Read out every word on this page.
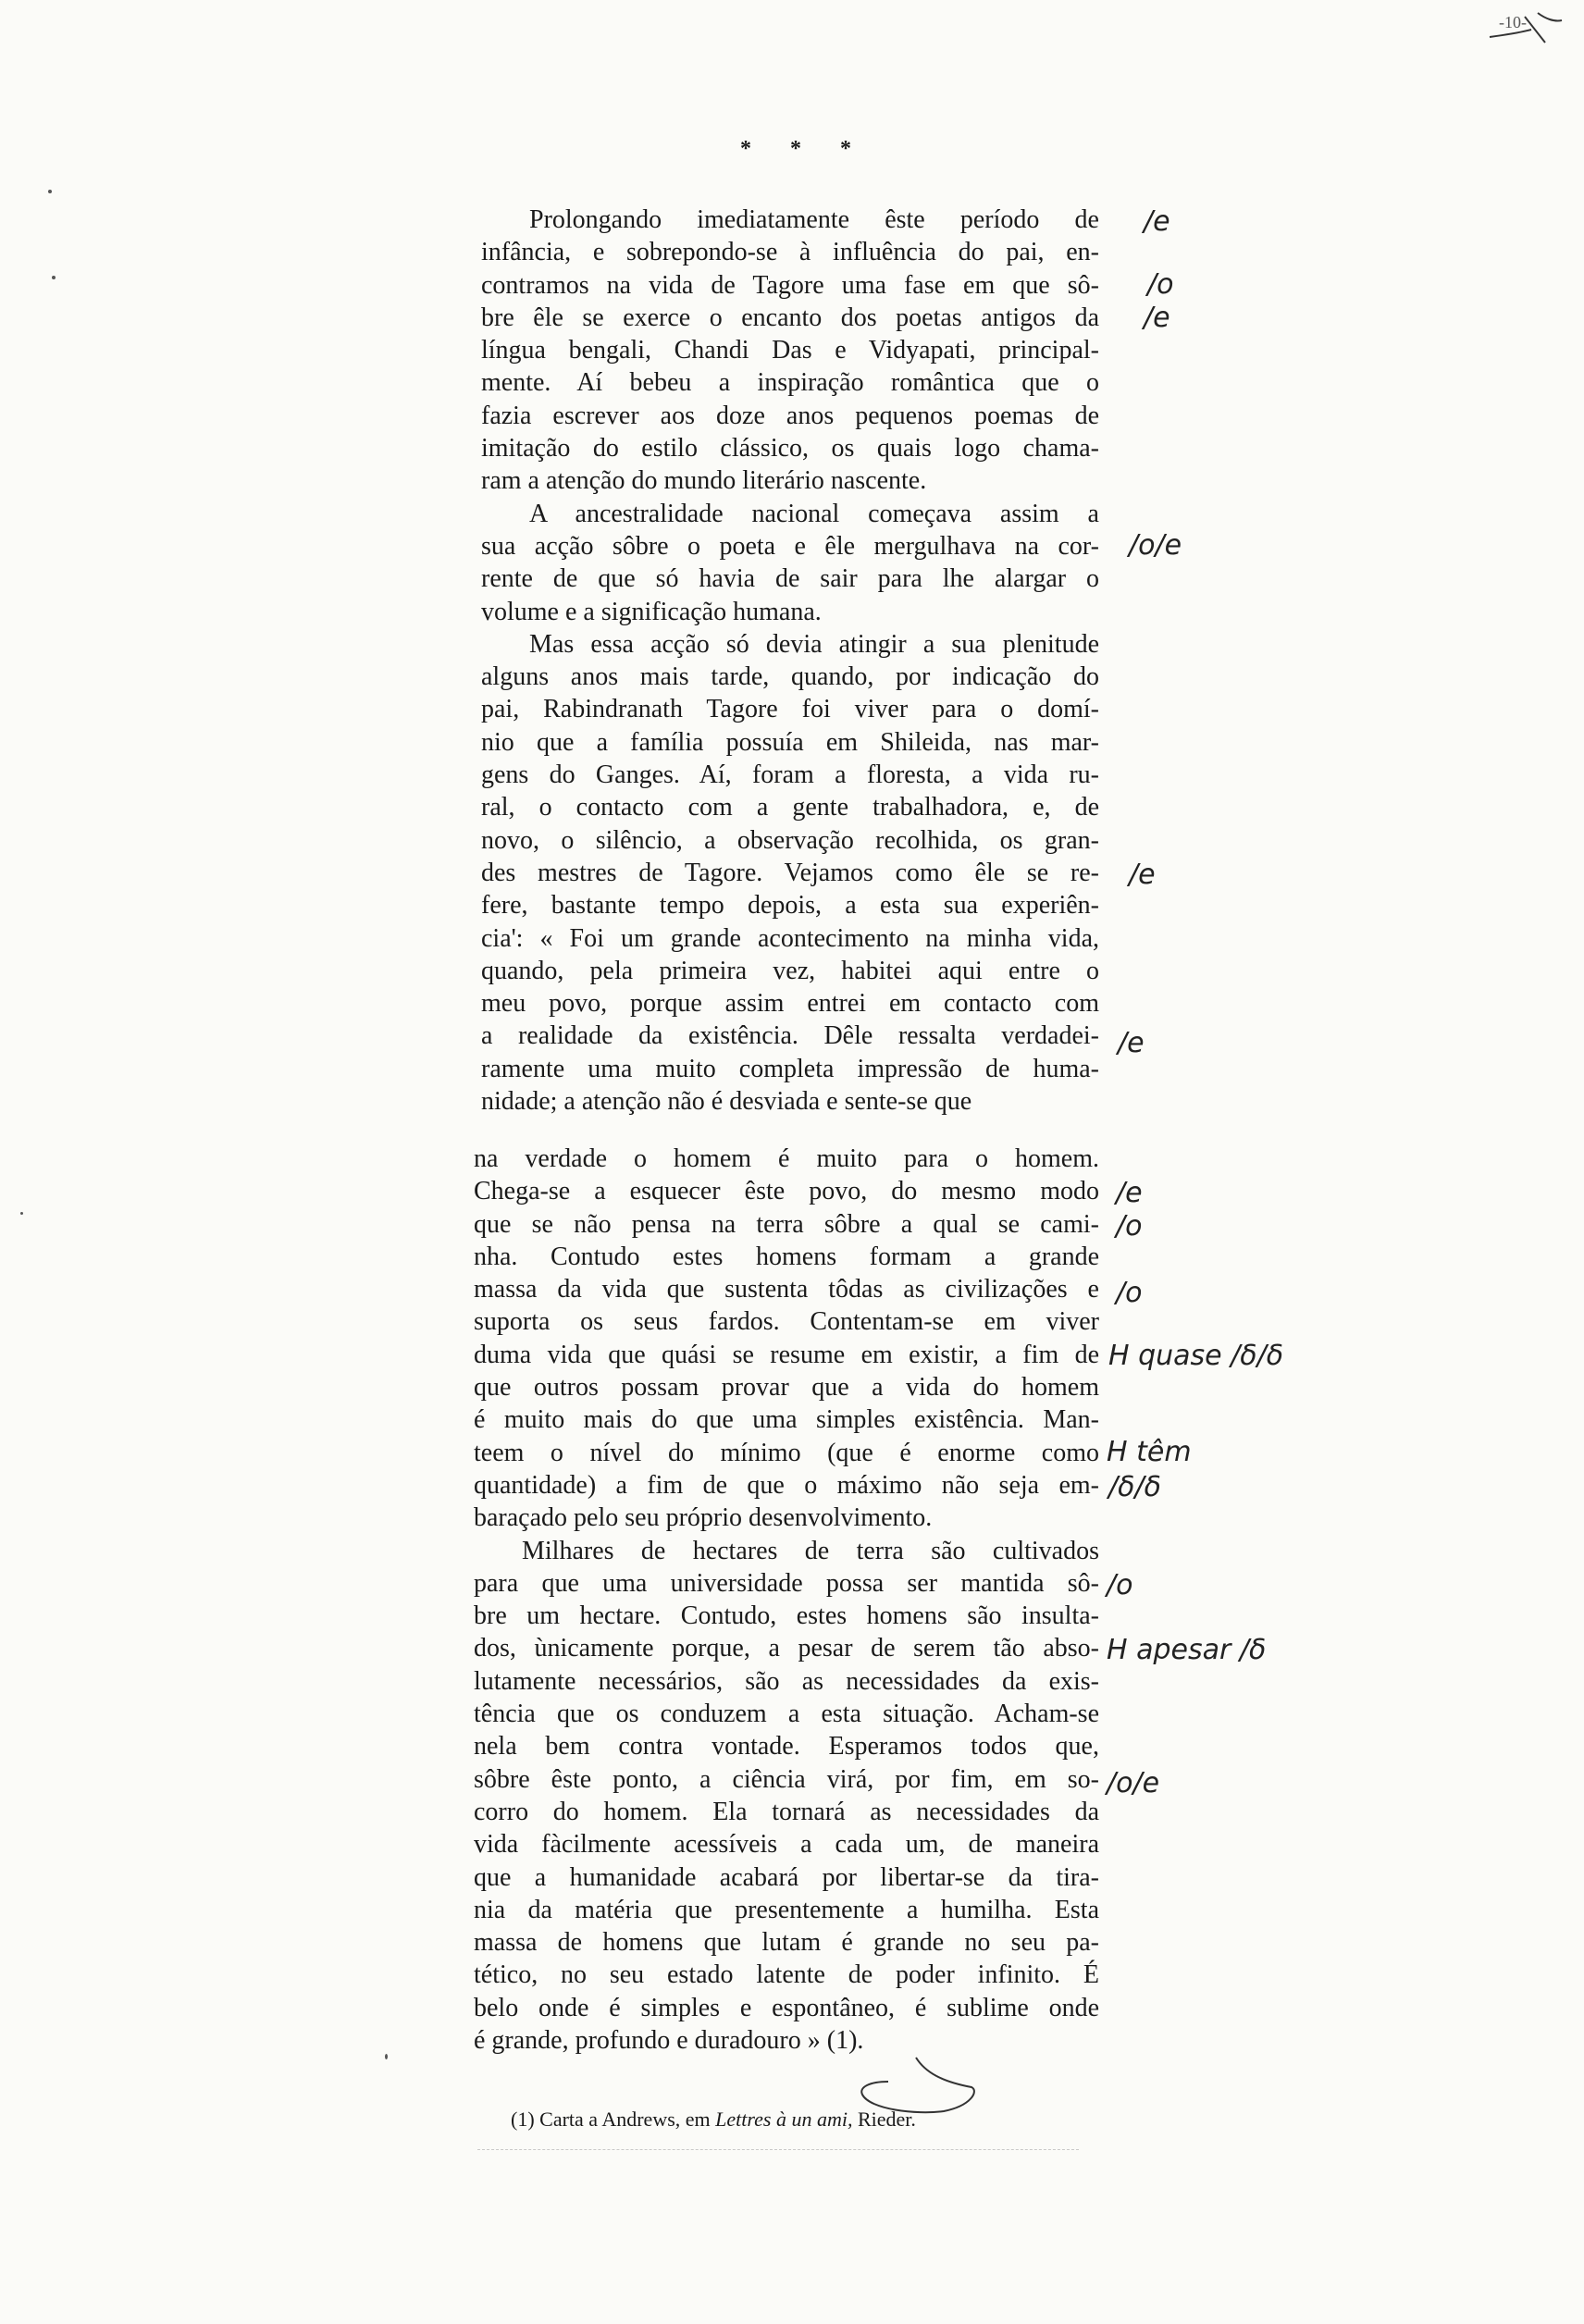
-10-
* * *
Prolongando imediatamente êste período de
infância, e sobrepondo-se à influência do pai, en-
contramos na vida de Tagore uma fase em que sô-
bre êle se exerce o encanto dos poetas antigos da
língua bengali, Chandi Das e Vidyapati, principal-
mente. Aí bebeu a inspiração romântica que o
fazia escrever aos doze anos pequenos poemas de
imitação do estilo clássico, os quais logo chama-
ram a atenção do mundo literário nascente.
A ancestralidade nacional começava assim a
sua acção sôbre o poeta e êle mergulhava na cor-
rente de que só havia de sair para lhe alargar o
volume e a significação humana.
Mas essa acção só devia atingir a sua plenitude
alguns anos mais tarde, quando, por indicação do
pai, Rabindranath Tagore foi viver para o domí-
nio que a família possuía em Shileida, nas mar-
gens do Ganges. Aí, foram a floresta, a vida ru-
ral, o contacto com a gente trabalhadora, e, de
novo, o silêncio, a observação recolhida, os gran-
des mestres de Tagore. Vejamos como êle se re-
fere, bastante tempo depois, a esta sua experiên-
cia': « Foi um grande acontecimento na minha vida,
quando, pela primeira vez, habitei aqui entre o
meu povo, porque assim entrei em contacto com
a realidade da existência. Dêle ressalta verdadei-
ramente uma muito completa impressão de huma-
nidade; a atenção não é desviada e sente-se que
na verdade o homem é muito para o homem.
Chega-se a esquecer êste povo, do mesmo modo
que se não pensa na terra sôbre a qual se cami-
nha. Contudo estes homens formam a grande
massa da vida que sustenta tôdas as civilizações e
suporta os seus fardos. Contentam-se em viver
duma vida que quási se resume em existir, a fim de
que outros possam provar que a vida do homem
é muito mais do que uma simples existência. Man-
teem o nível do mínimo (que é enorme como
quantidade) a fim de que o máximo não seja em-
baraçado pelo seu próprio desenvolvimento.
Milhares de hectares de terra são cultivados
para que uma universidade possa ser mantida sô-
bre um hectare. Contudo, estes homens são insulta-
dos, ùnicamente porque, a pesar de serem tão abso-
lutamente necessários, são as necessidades da exis-
tência que os conduzem a esta situação. Acham-se
nela bem contra vontade. Esperamos todos que,
sôbre êste ponto, a ciência virá, por fim, em so-
corro do homem. Ela tornará as necessidades da
vida fàcilmente acessíveis a cada um, de maneira
que a humanidade acabará por libertar-se da tira-
nia da matéria que presentemente a humilha. Esta
massa de homens que lutam é grande no seu pa-
tético, no seu estado latente de poder infinito. É
belo onde é simples e espontâneo, é sublime onde
é grande, profundo e duradouro » (1).
/e
/o
/e
/o/e
/e
/e
/e
/o
/o
H quase /δ/δ
H têm
/δ/δ
/o
H apesar /δ
/o/e
(1) Carta a Andrews, em Lettres à un ami, Rieder.
